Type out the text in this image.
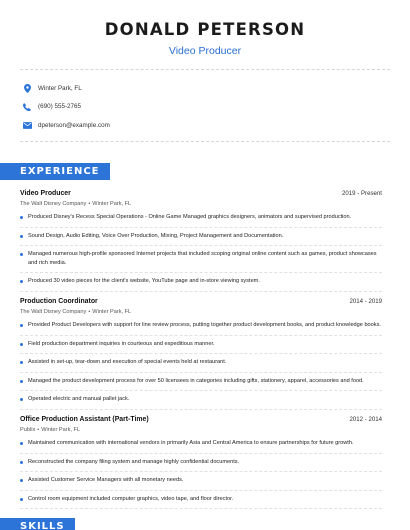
DONALD PETERSON
Video Producer
Winter Park, FL
(690) 555-2765
dpeterson@example.com
EXPERIENCE
Video Producer	2019 - Present
The Walt Disney Company • Winter Park, FL
Produced Disney's Recess Special Operations - Online Game Managed graphics designers, animators and supervised production.
Sound Design, Audio Editing, Voice Over Production, Mixing, Project Management and Documentation.
Managed numerous high-profile sponsored Internet projects that included scoping original online content such as games, product showcases and rich media.
Produced 30 video pieces for the client's website, YouTube page and in-store viewing system.
Production Coordinator	2014 - 2019
The Walt Disney Company • Winter Park, FL
Provided Product Developers with support for line review process, putting together product development books, and product knowledge books.
Field production department inquiries in courteous and expeditious manner.
Assisted in set-up, tear-down and execution of special events held at restaurant.
Managed the product development process for over 50 licensees in categories including gifts, stationery, apparel, accessories and food.
Operated electric and manual pallet jack.
Office Production Assistant (Part-Time)	2012 - 2014
Publix • Winter Park, FL
Maintained communication with international vendors in primarily Asia and Central America to ensure partnerships for future growth.
Reconstructed the company filing system and manage highly confidential documents.
Assisted Customer Service Managers with all monetary needs.
Control room equipment included computer graphics, video tape, and floor director.
SKILLS
